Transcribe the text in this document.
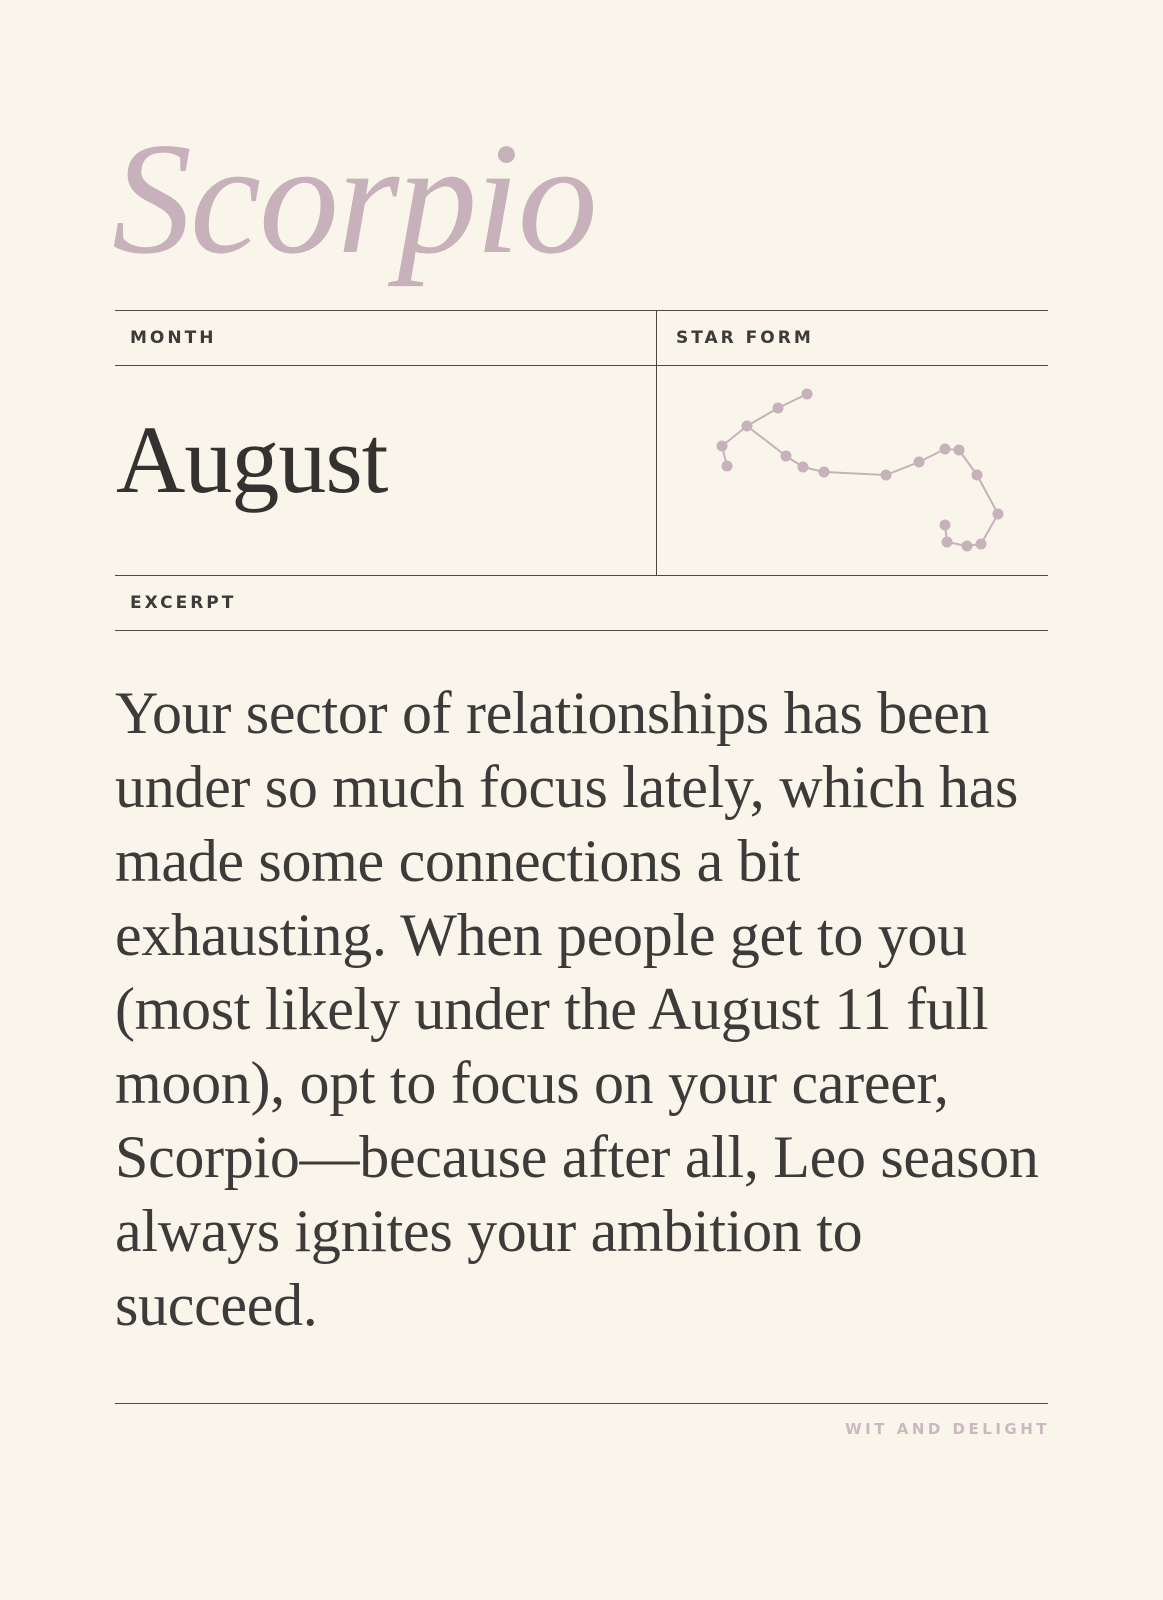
Scorpio
MONTH	STAR FORM
August
EXCERPT

Your sector of relationships has been under so much focus lately, which has made some connections a bit exhausting. When people get to you (most likely under the August 11 full moon), opt to focus on your career, Scorpio—because after all, Leo season always ignites your ambition to succeed.

WIT AND DELIGHT
